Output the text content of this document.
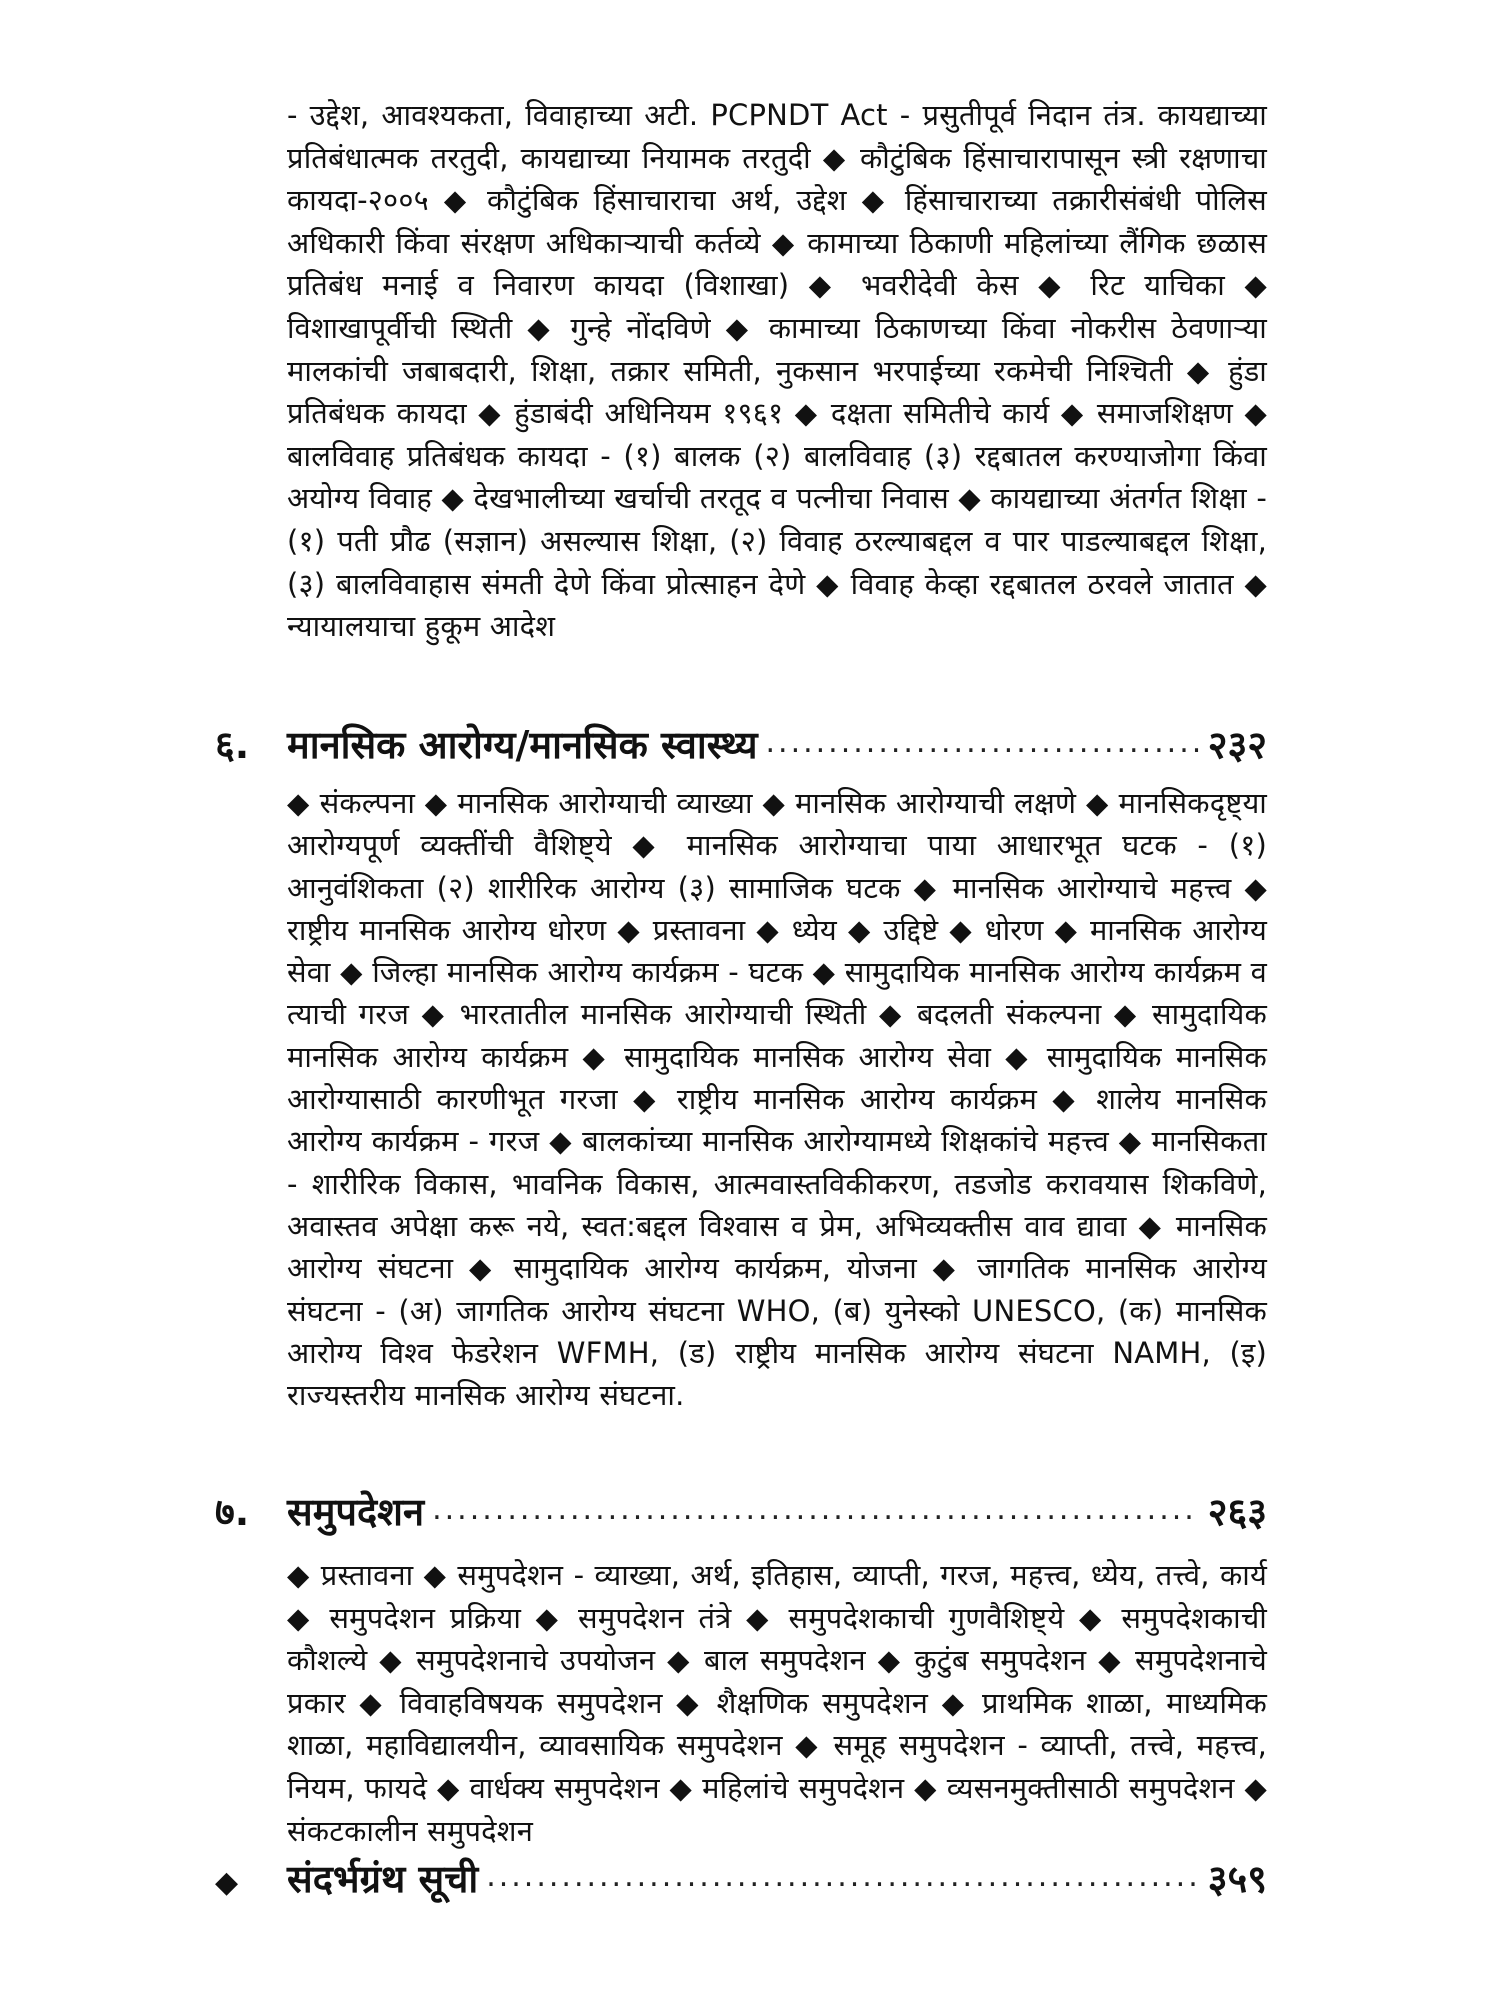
- उद्देश, आवश्यकता, विवाहाच्या अटी. PCPNDT Act - प्रसुतीपूर्व निदान तंत्र. कायद्याच्या प्रतिबंधात्मक तरतुदी, कायद्याच्या नियामक तरतुदी ◆ कौटुंबिक हिंसाचारापासून स्त्री रक्षणाचा कायदा-२००५ ◆ कौटुंबिक हिंसाचाराचा अर्थ, उद्देश ◆ हिंसाचाराच्या तक्रारीसंबंधी पोलिस अधिकारी किंवा संरक्षण अधिकाऱ्याची कर्तव्ये ◆ कामाच्या ठिकाणी महिलांच्या लैंगिक छळास प्रतिबंध मनाई व निवारण कायदा (विशाखा) ◆ भवरीदेवी केस ◆ रिट याचिका ◆ विशाखापूर्वीची स्थिती ◆ गुन्हे नोंदविणे ◆ कामाच्या ठिकाणच्या किंवा नोकरीस ठेवणाऱ्या मालकांची जबाबदारी, शिक्षा, तक्रार समिती, नुकसान भरपाईच्या रकमेची निश्चिती ◆ हुंडा प्रतिबंधक कायदा ◆ हुंडाबंदी अधिनियम १९६१ ◆ दक्षता समितीचे कार्य ◆ समाजशिक्षण ◆ बालविवाह प्रतिबंधक कायदा - (१) बालक (२) बालविवाह (३) रद्दबातल करण्याजोगा किंवा अयोग्य विवाह ◆ देखभालीच्या खर्चाची तरतूद व पत्नीचा निवास ◆ कायद्याच्या अंतर्गत शिक्षा - (१) पती प्रौढ (सज्ञान) असल्यास शिक्षा, (२) विवाह ठरल्याबद्दल व पार पाडल्याबद्दल शिक्षा, (३) बालविवाहास संमती देणे किंवा प्रोत्साहन देणे ◆ विवाह केव्हा रद्दबातल ठरवले जातात ◆ न्यायालयाचा हुकूम आदेश
६. मानसिक आरोग्य/मानसिक स्वास्थ्य .....	२३२
◆ संकल्पना ◆ मानसिक आरोग्याची व्याख्या ◆ मानसिक आरोग्याची लक्षणे ◆ मानसिकदृष्ट्या आरोग्यपूर्ण व्यक्तींची वैशिष्ट्ये ◆ मानसिक आरोग्याचा पाया आधारभूत घटक - (१) आनुवंशिकता (२) शारीरिक आरोग्य (३) सामाजिक घटक ◆ मानसिक आरोग्याचे महत्त्व ◆ राष्ट्रीय मानसिक आरोग्य धोरण ◆ प्रस्तावना ◆ ध्येय ◆ उद्दिष्टे ◆ धोरण ◆ मानसिक आरोग्य सेवा ◆ जिल्हा मानसिक आरोग्य कार्यक्रम - घटक ◆ सामुदायिक मानसिक आरोग्य कार्यक्रम व त्याची गरज ◆ भारतातील मानसिक आरोग्याची स्थिती ◆ बदलती संकल्पना ◆ सामुदायिक मानसिक आरोग्य कार्यक्रम ◆ सामुदायिक मानसिक आरोग्य सेवा ◆ सामुदायिक मानसिक आरोग्यासाठी कारणीभूत गरजा ◆ राष्ट्रीय मानसिक आरोग्य कार्यक्रम ◆ शालेय मानसिक आरोग्य कार्यक्रम - गरज ◆ बालकांच्या मानसिक आरोग्यामध्ये शिक्षकांचे महत्त्व ◆ मानसिकता - शारीरिक विकास, भावनिक विकास, आत्मवास्तविकीकरण, तडजोड करावयास शिकविणे, अवास्तव अपेक्षा करू नये, स्वत:बद्दल विश्वास व प्रेम, अभिव्यक्तीस वाव द्यावा ◆ मानसिक आरोग्य संघटना ◆ सामुदायिक आरोग्य कार्यक्रम, योजना ◆ जागतिक मानसिक आरोग्य संघटना - (अ) जागतिक आरोग्य संघटना WHO, (ब) युनेस्को UNESCO, (क) मानसिक आरोग्य विश्व फेडरेशन WFMH, (ड) राष्ट्रीय मानसिक आरोग्य संघटना NAMH, (इ) राज्यस्तरीय मानसिक आरोग्य संघटना.
७. समुपदेशन .....	२६३
◆ प्रस्तावना ◆ समुपदेशन - व्याख्या, अर्थ, इतिहास, व्याप्ती, गरज, महत्त्व, ध्येय, तत्त्वे, कार्य ◆ समुपदेशन प्रक्रिया ◆ समुपदेशन तंत्रे ◆ समुपदेशकाची गुणवैशिष्ट्ये ◆ समुपदेशकाची कौशल्ये ◆ समुपदेशनाचे उपयोजन ◆ बाल समुपदेशन ◆ कुटुंब समुपदेशन ◆ समुपदेशनाचे प्रकार ◆ विवाहविषयक समुपदेशन ◆ शैक्षणिक समुपदेशन ◆ प्राथमिक शाळा, माध्यमिक शाळा, महाविद्यालयीन, व्यावसायिक समुपदेशन ◆ समूह समुपदेशन - व्याप्ती, तत्त्वे, महत्त्व, नियम, फायदे ◆ वार्धक्य समुपदेशन ◆ महिलांचे समुपदेशन ◆ व्यसनमुक्तीसाठी समुपदेशन ◆ संकटकालीन समुपदेशन
◆	संदर्भग्रंथ सूची .....	३५९
